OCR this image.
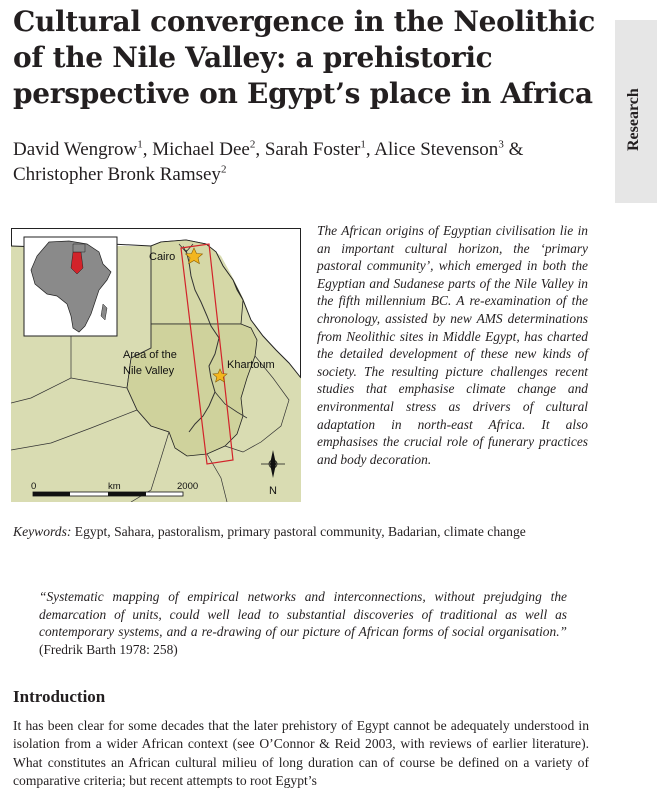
Cultural convergence in the Neolithic of the Nile Valley: a prehistoric perspective on Egypt’s place in Africa

David Wengrow$^1$, Michael Dee$^2$, Sarah Foster$^1$, Alice Stevenson$^3$ &
Christopher Bronk Ramsey$^2$

Research
Cairo
Khartoum
Area of the
Nile Valley
0	km	2000	N

The African origins of Egyptian civilisation lie in an important cultural horizon, the ‘primary pastoral community’, which emerged in both the Egyptian and Sudanese parts of the Nile Valley in the fifth millennium BC. A re-examination of the chronology, assisted by new AMS determinations from Neolithic sites in Middle Egypt, has charted the detailed development of these new kinds of society. The resulting picture challenges recent studies that emphasise climate change and environmental stress as drivers of cultural adaptation in north-east Africa. It also emphasises the crucial role of funerary practices and body decoration.

Keywords: Egypt, Sahara, pastoralism, primary pastoral community, Badarian, climate change

“Systematic mapping of empirical networks and interconnections, without prejudging the demarcation of units, could well lead to substantial discoveries of traditional as well as contemporary systems, and a re-drawing of our picture of African forms of social organisation.” (Fredrik Barth 1978: 258)

Introduction

It has been clear for some decades that the later prehistory of Egypt cannot be adequately understood in isolation from a wider African context (see O’Connor & Reid 2003, with reviews of earlier literature). What constitutes an African cultural milieu of long duration can of course be defined on a variety of comparative criteria; but recent attempts to root Egypt’s
